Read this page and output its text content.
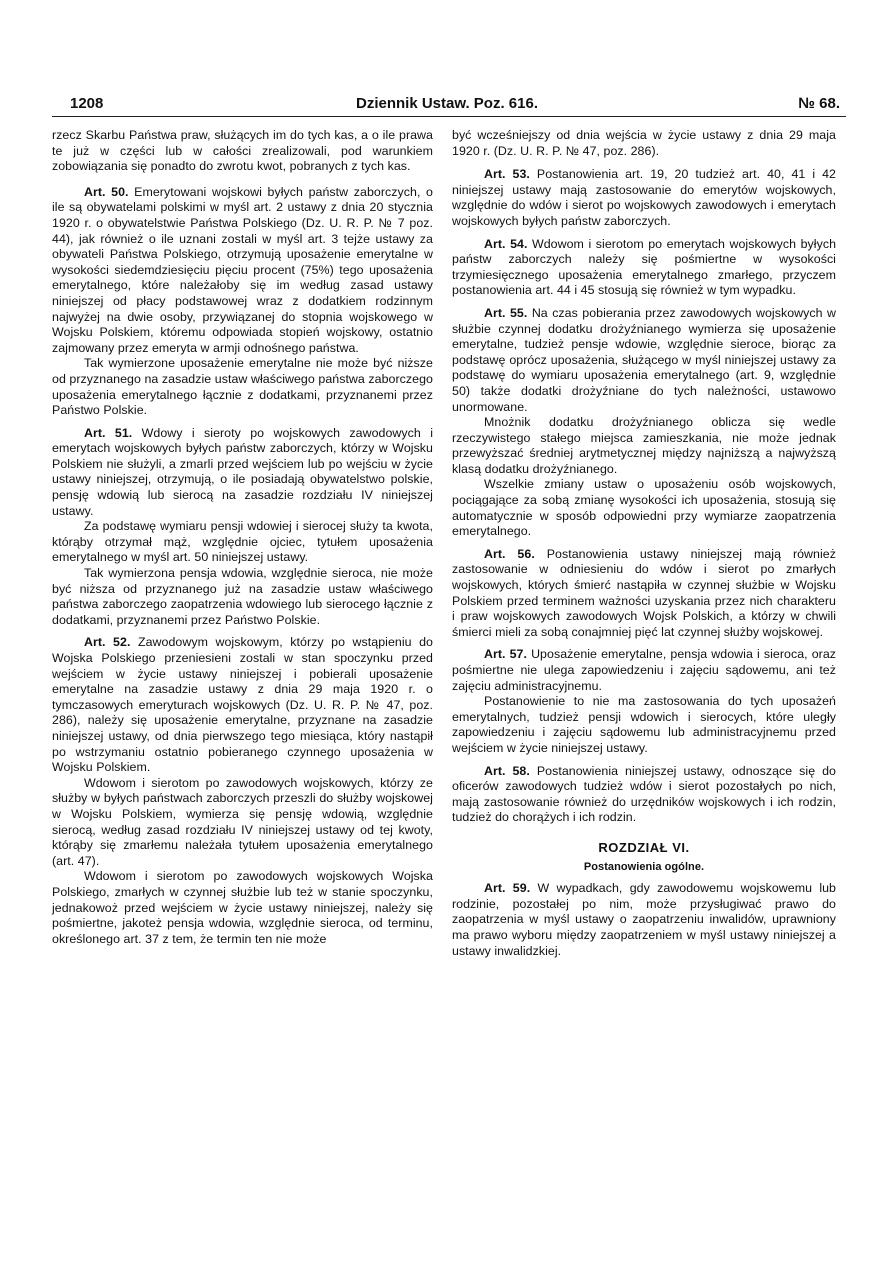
1208	Dziennik Ustaw. Poz. 616.	№ 68.

rzecz Skarbu Państwa praw, służących im do tych kas, a o ile prawa te już w części lub w całości zrealizowali, pod warunkiem zobowiązania się ponadto do zwrotu kwot, pobranych z tych kas.

Art. 50. Emerytowani wojskowi byłych państw zaborczych, o ile są obywatelami polskimi w myśl art. 2 ustawy z dnia 20 stycznia 1920 r. o obywatelstwie Państwa Polskiego (Dz. U. R. P. № 7 poz. 44), jak również o ile uznani zostali w myśl art. 3 tejże ustawy za obywateli Państwa Polskiego, otrzymują uposażenie emerytalne w wysokości siedemdziesięciu pięciu procent (75%) tego uposażenia emerytalnego, które należałoby się im według zasad ustawy niniejszej od płacy podstawowej wraz z dodatkiem rodzinnym najwyżej na dwie osoby, przywiązanej do stopnia wojskowego w Wojsku Polskiem, któremu odpowiada stopień wojskowy, ostatnio zajmowany przez emeryta w armji odnośnego państwa.

Tak wymierzone uposażenie emerytalne nie może być niższe od przyznanego na zasadzie ustaw właściwego państwa zaborczego uposażenia emerytalnego łącznie z dodatkami, przyznanemi przez Państwo Polskie.

Art. 51. Wdowy i sieroty po wojskowych zawodowych i emerytach wojskowych byłych państw zaborczych, którzy w Wojsku Polskiem nie służyli, a zmarli przed wejściem lub po wejściu w życie ustawy niniejszej, otrzymują, o ile posiadają obywatelstwo polskie, pensję wdowią lub sierocą na zasadzie rozdziału IV niniejszej ustawy.

Za podstawę wymiaru pensji wdowiej i sierocej służy ta kwota, którąby otrzymał mąż, względnie ojciec, tytułem uposażenia emerytalnego w myśl art. 50 niniejszej ustawy.

Tak wymierzona pensja wdowia, względnie sieroca, nie może być niższa od przyznanego już na zasadzie ustaw właściwego państwa zaborczego zaopatrzenia wdowiego lub sierocego łącznie z dodatkami, przyznanemi przez Państwo Polskie.

Art. 52. Zawodowym wojskowym, którzy po wstąpieniu do Wojska Polskiego przeniesieni zostali w stan spoczynku przed wejściem w życie ustawy niniejszej i pobierali uposażenie emerytalne na zasadzie ustawy z dnia 29 maja 1920 r. o tymczasowych emeryturach wojskowych (Dz. U. R. P. № 47, poz. 286), należy się uposażenie emerytalne, przyznane na zasadzie niniejszej ustawy, od dnia pierwszego tego miesiąca, który nastąpił po wstrzymaniu ostatnio pobieranego czynnego uposażenia w Wojsku Polskiem.

Wdowom i sierotom po zawodowych wojskowych, którzy ze służby w byłych państwach zaborczych przeszli do służby wojskowej w Wojsku Polskiem, wymierza się pensję wdowią, względnie sierocą, według zasad rozdziału IV niniejszej ustawy od tej kwoty, którąby się zmarłemu należała tytułem uposażenia emerytalnego (art. 47).

Wdowom i sierotom po zawodowych wojskowych Wojska Polskiego, zmarłych w czynnej służbie lub też w stanie spoczynku, jednakowoż przed wejściem w życie ustawy niniejszej, należy się pośmiertne, jakoteż pensja wdowia, względnie sieroca, od terminu, określonego art. 37 z tem, że termin ten nie może

być wcześniejszy od dnia wejścia w życie ustawy z dnia 29 maja 1920 r. (Dz. U. R. P. № 47, poz. 286).

Art. 53. Postanowienia art. 19, 20 tudzież art. 40, 41 i 42 niniejszej ustawy mają zastosowanie do emerytów wojskowych, względnie do wdów i sierot po wojskowych zawodowych i emerytach wojskowych byłych państw zaborczych.

Art. 54. Wdowom i sierotom po emerytach wojskowych byłych państw zaborczych należy się pośmiertne w wysokości trzymiesięcznego uposażenia emerytalnego zmarłego, przyczem postanowienia art. 44 i 45 stosują się również w tym wypadku.

Art. 55. Na czas pobierania przez zawodowych wojskowych w służbie czynnej dodatku drożyźnianego wymierza się uposażenie emerytalne, tudzież pensje wdowie, względnie sieroce, biorąc za podstawę oprócz uposażenia, służącego w myśl niniejszej ustawy za podstawę do wymiaru uposażenia emerytalnego (art. 9, względnie 50) także dodatki drożyźniane do tych należności, ustawowo unormowane.

Mnożnik dodatku drożyźnianego oblicza się wedle rzeczywistego stałego miejsca zamieszkania, nie może jednak przewyższać średniej arytmetycznej między najniższą a najwyższą klasą dodatku drożyźnianego.

Wszelkie zmiany ustaw o uposażeniu osób wojskowych, pociągające za sobą zmianę wysokości ich uposażenia, stosują się automatycznie w sposób odpowiedni przy wymiarze zaopatrzenia emerytalnego.

Art. 56. Postanowienia ustawy niniejszej mają również zastosowanie w odniesieniu do wdów i sierot po zmarłych wojskowych, których śmierć nastąpiła w czynnej służbie w Wojsku Polskiem przed terminem ważności uzyskania przez nich charakteru i praw wojskowych zawodowych Wojsk Polskich, a którzy w chwili śmierci mieli za sobą conajmniej pięć lat czynnej służby wojskowej.

Art. 57. Uposażenie emerytalne, pensja wdowia i sieroca, oraz pośmiertne nie ulega zapowiedzeniu i zajęciu sądowemu, ani też zajęciu administracyjnemu.

Postanowienie to nie ma zastosowania do tych uposażeń emerytalnych, tudzież pensji wdowich i sierocych, które uległy zapowiedzeniu i zajęciu sądowemu lub administracyjnemu przed wejściem w życie niniejszej ustawy.

Art. 58. Postanowienia niniejszej ustawy, odnoszące się do oficerów zawodowych tudzież wdów i sierot pozostałych po nich, mają zastosowanie również do urzędników wojskowych i ich rodzin, tudzież do chorążych i ich rodzin.

ROZDZIAŁ VI.
Postanowienia ogólne.

Art. 59. W wypadkach, gdy zawodowemu wojskowemu lub rodzinie, pozostałej po nim, może przysługiwać prawo do zaopatrzenia w myśl ustawy o zaopatrzeniu inwalidów, uprawniony ma prawo wyboru między zaopatrzeniem w myśl ustawy niniejszej a ustawy inwalidzkiej.
